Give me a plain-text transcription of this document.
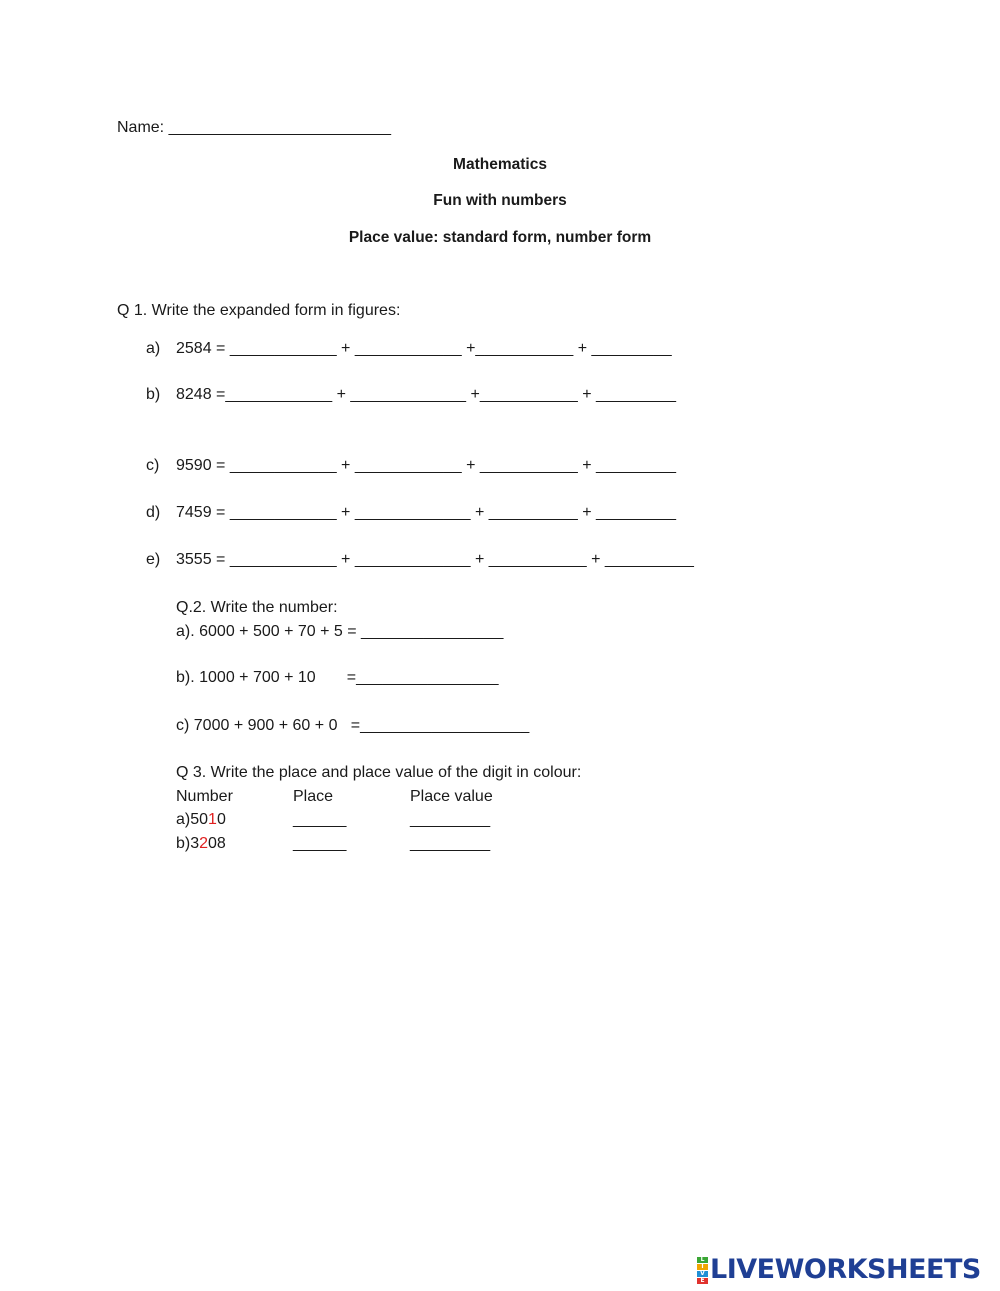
Name: _________________________
Mathematics
Fun with numbers
Place value: standard form, number form
Q 1. Write the expanded form in figures:
a) 2584 = ____________ + ____________ +___________ + _________
b) 8248 =____________ + _____________ +___________ + _________
c) 9590 = ____________ + ____________ + ___________ + _________
d) 7459 = ____________ + _____________ + __________ + _________
e) 3555 = ____________ + _____________ + ___________ + __________
Q.2. Write the number:
a). 6000 + 500 + 70 + 5 = ________________
b). 1000 + 700 + 10       =________________
c) 7000 + 900 + 60 + 0   =___________________
Q 3. Write the place and place value of the digit in colour:
Number	Place	Place value
a)5010	______	_________
b)3208	______	_________
L
I
V
E LIVEWORKSHEETS
